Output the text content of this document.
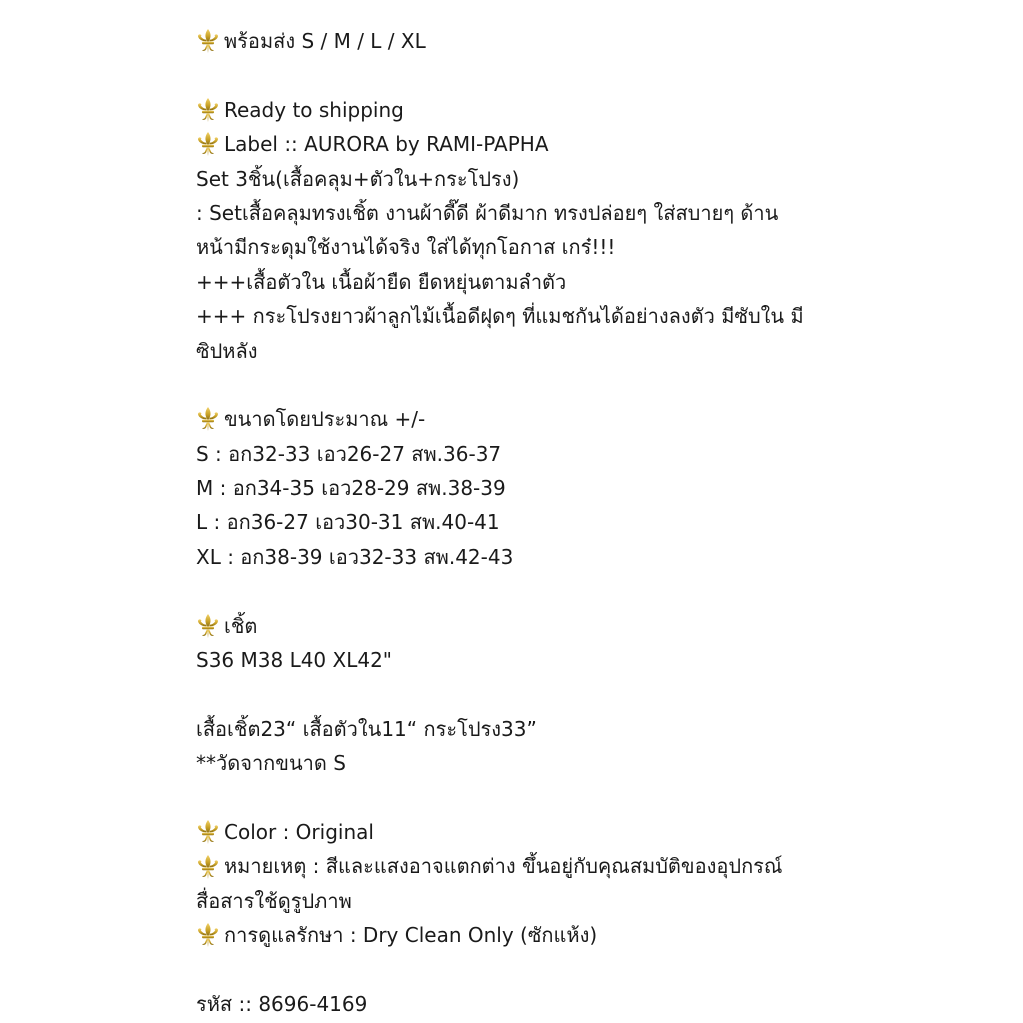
พร้อมส่ง S / M / L / XL
Ready to shipping
Label :: AURORA by RAMI-PAPHA
Set 3ชิ้น(เสื้อคลุม+ตัวใน+กระโปรง)
: Setเสื้อคลุมทรงเชิ้ต งานผ้าดี๊ดี ผ้าดีมาก ทรงปล่อยๆ ใส่สบายๆ ด้าน
หน้ามีกระดุมใช้งานได้จริง ใส่ได้ทุกโอกาส เกร๋!!!
+++เสื้อตัวใน เนื้อผ้ายืด ยืดหยุ่นตามลำตัว
+++ กระโปรงยาวผ้าลูกไม้เนื้อดีฝุดๆ ที่แมชกันได้อย่างลงตัว มีซับใน มี
ซิปหลัง
ขนาดโดยประมาณ +/-
S : อก32-33 เอว26-27 สพ.36-37
M : อก34-35 เอว28-29 สพ.38-39
L : อก36-27 เอว30-31 สพ.40-41
XL : อก38-39 เอว32-33 สพ.42-43
เชิ้ต
S36 M38 L40 XL42"
เสื้อเชิ้ต23“ เสื้อตัวใน11“ กระโปรง33”
**วัดจากขนาด S
Color : Original
หมายเหตุ : สีและแสงอาจแตกต่าง ขึ้นอยู่กับคุณสมบัติของอุปกรณ์
สื่อสารใช้ดูรูปภาพ
การดูแลรักษา : Dry Clean Only (ซักแห้ง)
รหัส :: 8696-4169
